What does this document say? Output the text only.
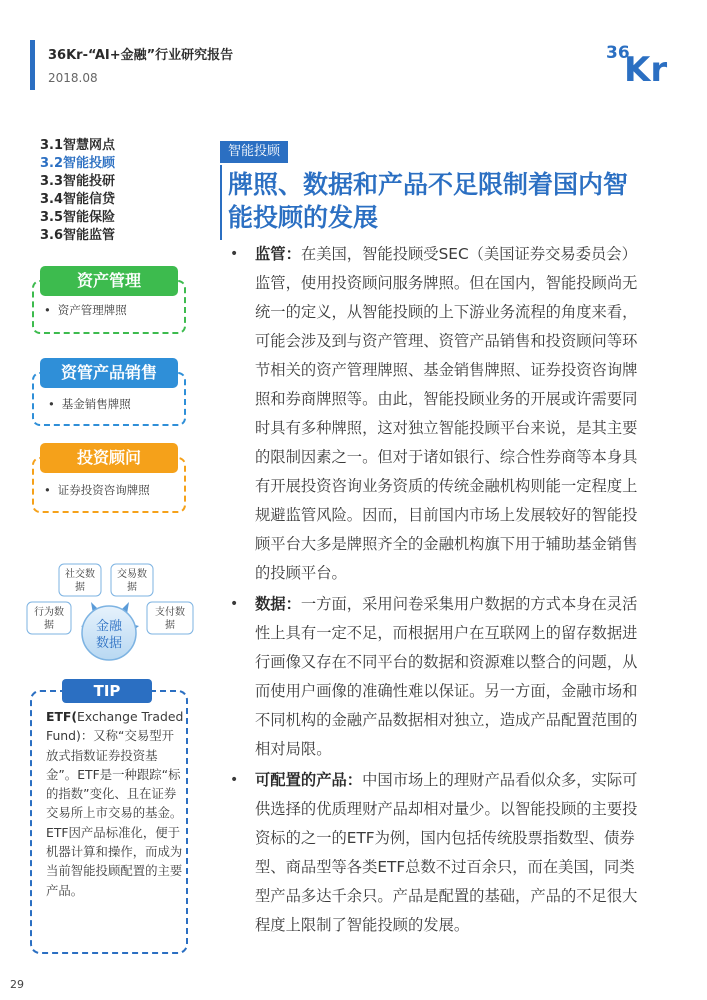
36Kr-“AI+金融”行业研究报告
2018.08
36
Kr
3.1智慧网点
3.2智能投顾
3.3智能投研
3.4智能信贷
3.5智能保险
3.6智能监管
资产管理
• 资产管理牌照
资管产品销售
• 基金销售牌照
投资顾问
• 证券投资咨询牌照
金融
数据
社交数
据
交易数
据
行为数
据
支付数
据
TIP
ETF(Exchange Traded Fund)：又称“交易型开放式指数证券投资基金”。ETF是一种跟踪“标的指数”变化、且在证券交易所上市交易的基金。ETF因产品标准化，便于机器计算和操作，而成为当前智能投顾配置的主要产品。
智能投顾
牌照、数据和产品不足限制着国内智能投顾的发展
• 监管：在美国，智能投顾受SEC（美国证券交易委员会）监管，使用投资顾问服务牌照。但在国内，智能投顾尚无统一的定义，从智能投顾的上下游业务流程的角度来看，可能会涉及到与资产管理、资管产品销售和投资顾问等环节相关的资产管理牌照、基金销售牌照、证券投资咨询牌照和券商牌照等。由此，智能投顾业务的开展或许需要同时具有多种牌照，这对独立智能投顾平台来说，是其主要的限制因素之一。但对于诸如银行、综合性券商等本身具有开展投资咨询业务资质的传统金融机构则能一定程度上规避监管风险。因而，目前国内市场上发展较好的智能投顾平台大多是牌照齐全的金融机构旗下用于辅助基金销售的投顾平台。
• 数据：一方面，采用问卷采集用户数据的方式本身在灵活性上具有一定不足，而根据用户在互联网上的留存数据进行画像又存在不同平台的数据和资源难以整合的问题，从而使用户画像的准确性难以保证。另一方面，金融市场和不同机构的金融产品数据相对独立，造成产品配置范围的相对局限。
• 可配置的产品：中国市场上的理财产品看似众多，实际可供选择的优质理财产品却相对量少。以智能投顾的主要投资标的之一的ETF为例，国内包括传统股票指数型、债券型、商品型等各类ETF总数不过百余只，而在美国，同类型产品多达千余只。产品是配置的基础，产品的不足很大程度上限制了智能投顾的发展。
29
